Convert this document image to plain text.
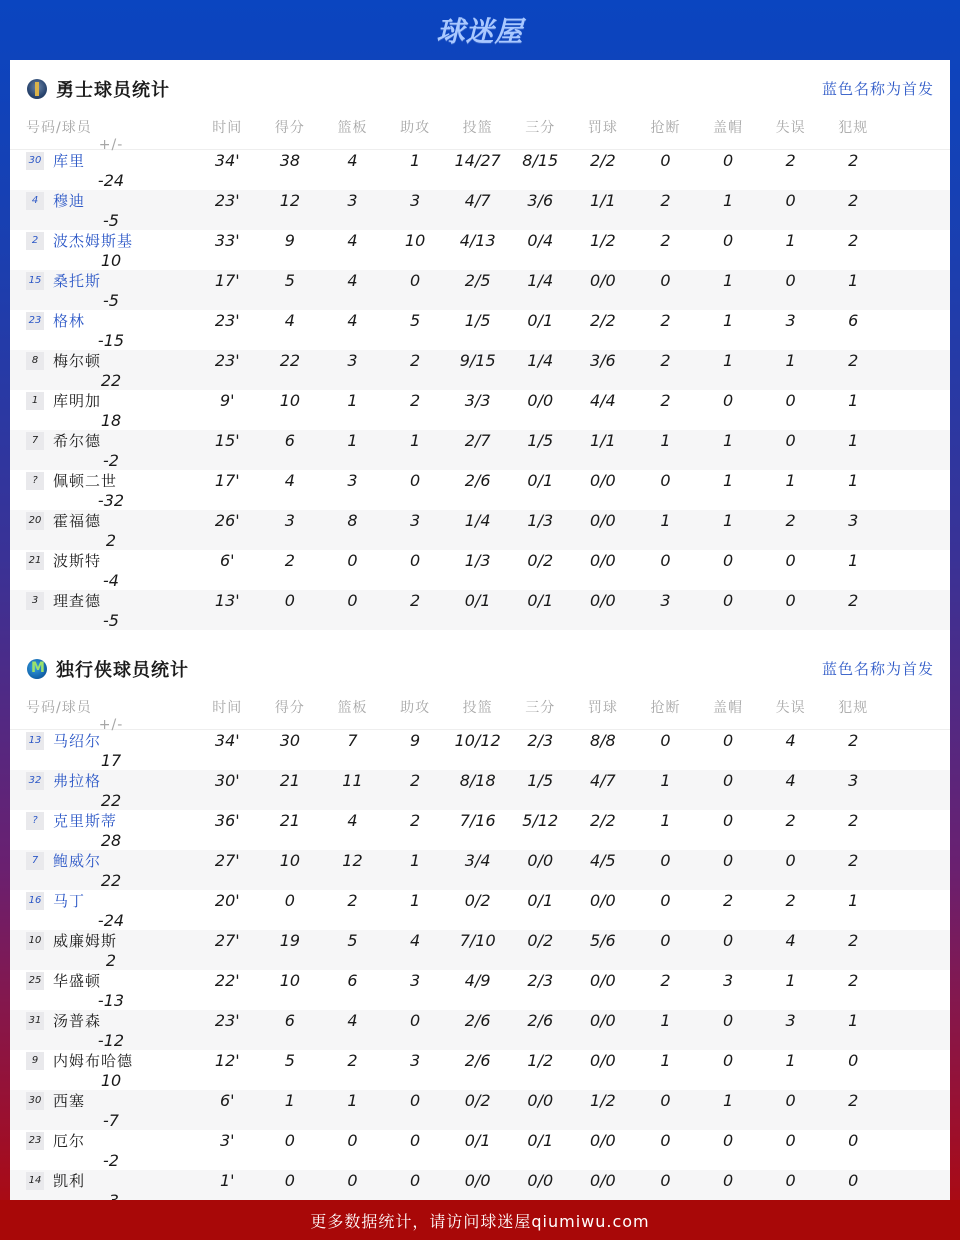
球迷屋
勇士球员统计	蓝色名称为首发
号码/球员	时间	得分	篮板	助攻	投篮	三分	罚球	抢断	盖帽	失误	犯规
+/-
30 库里	34'	38	4	1	14/27	8/15	2/2	0	0	2	2
-24
4 穆迪	23'	12	3	3	4/7	3/6	1/1	2	1	0	2
-5
2 波杰姆斯基	33'	9	4	10	4/13	0/4	1/2	2	0	1	2
10
15 桑托斯	17'	5	4	0	2/5	1/4	0/0	0	1	0	1
-5
23 格林	23'	4	4	5	1/5	0/1	2/2	2	1	3	6
-15
8 梅尔顿	23'	22	3	2	9/15	1/4	3/6	2	1	1	2
22
1 库明加	9'	10	1	2	3/3	0/0	4/4	2	0	0	1
18
7 希尔德	15'	6	1	1	2/7	1/5	1/1	1	1	0	1
-2
?	佩顿二世	17'	4	3	0	2/6	0/1	0/0	0	1	1	1
-32
20 霍福德	26'	3	8	3	1/4	1/3	0/0	1	1	2	3
2
21 波斯特	6'	2	0	0	1/3	0/2	0/0	0	0	0	1
-4
3 理查德	13'	0	0	2	0/1	0/1	0/0	3	0	0	2
-5
M
独行侠球员统计	蓝色名称为首发
号码/球员	时间	得分	篮板	助攻	投篮	三分	罚球	抢断	盖帽	失误	犯规
+/-
13 马绍尔	34'	30	7	9	10/12	2/3	8/8	0	0	4	2
17
32 弗拉格	30'	21	11	2	8/18	1/5	4/7	1	0	4	3
22
?	克里斯蒂	36'	21	4	2	7/16	5/12	2/2	1	0	2	2
28
7 鲍威尔	27'	10	12	1	3/4	0/0	4/5	0	0	0	2
22
16 马丁	20'	0	2	1	0/2	0/1	0/0	0	2	2	1
-24
10 威廉姆斯	27'	19	5	4	7/10	0/2	5/6	0	0	4	2
2
25 华盛顿	22'	10	6	3	4/9	2/3	0/0	2	3	1	2
-13
31 汤普森	23'	6	4	0	2/6	2/6	0/0	1	0	3	1
-12
9 内姆布哈德	12'	5	2	3	2/6	1/2	0/0	1	0	1	0
10
30 西塞	6'	1	1	0	0/2	0/0	1/2	0	1	0	2
-7
23 厄尔	3'	0	0	0	0/1	0/1	0/0	0	0	0	0
-2
14 凯利	1'	0	0	0	0/0	0/0	0/0	0	0	0	0
更多数据统计，请访问球迷屋qiumiwu.com
